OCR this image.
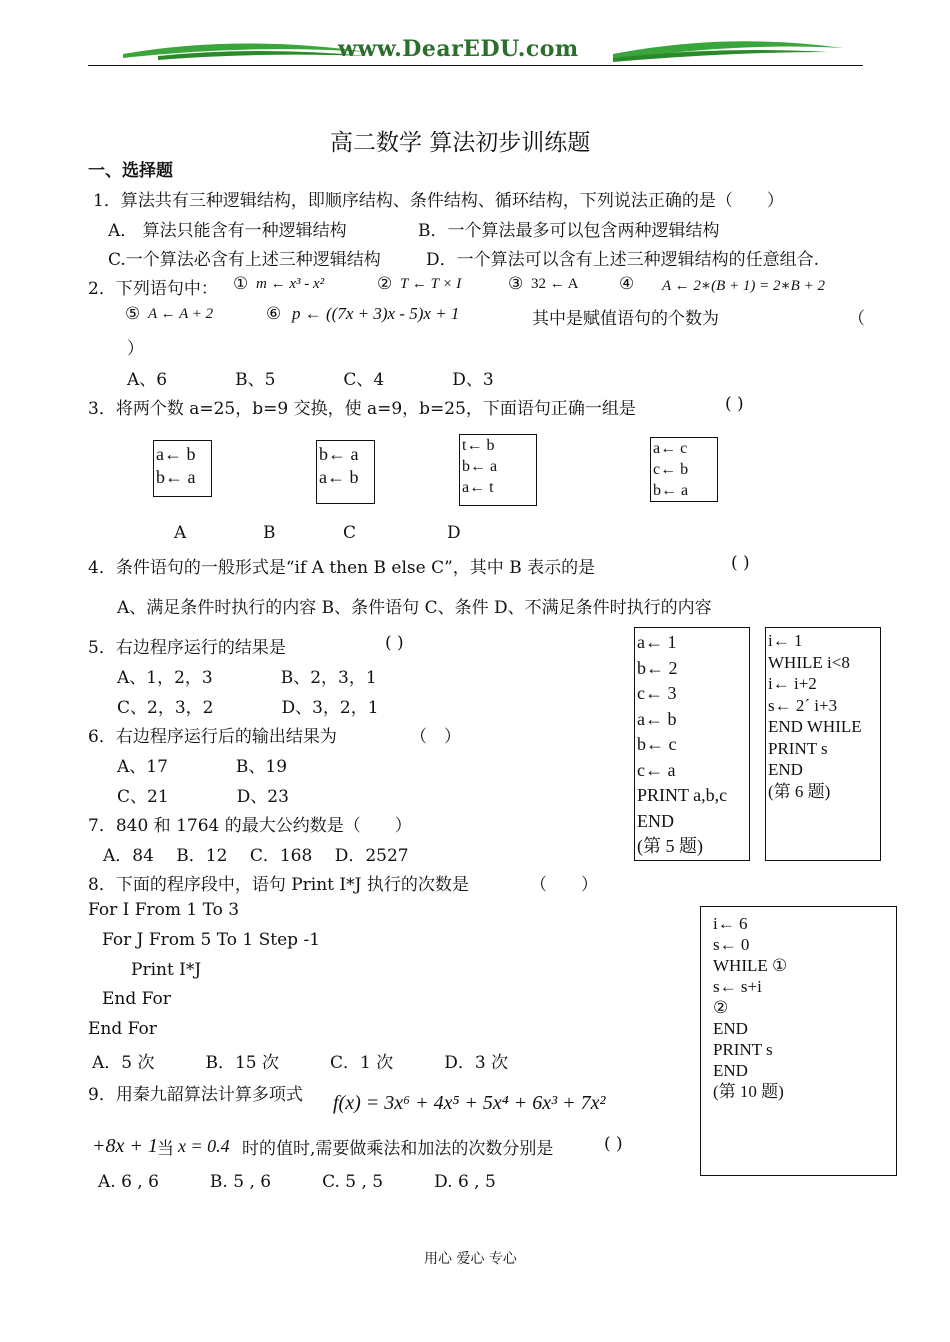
www.DearEDU.com
高二数学 算法初步训练题
一、选择题
1．算法共有三种逻辑结构，即顺序结构、条件结构、循环结构，下列说法正确的是（　　）
A． 算法只能含有一种逻辑结构	B．一个算法最多可以包含两种逻辑结构
C.一个算法必含有上述三种逻辑结构	D．一个算法可以含有上述三种逻辑结构的任意组合.
2．下列语句中： ① m ← x³ - x²	② T ← T × I	③ 32 ← A ④ A ← 2∗(B + 1) = 2∗B + 2
⑤ A ← A + 2	⑥ p ← ((7x + 3)x - 5)x + 1	其中是赋值语句的个数为	（
）
A、6　　　　B、5　　　　C、4　　　　D、3
3．将两个数 a=25，b=9 交换，使 a=9，b=25，下面语句正确一组是	( )
a← b
b← a
b← a
a← b
t← b
b← a
a← t
a← c
c← b
b← a
A	B	C	D
4．条件语句的一般形式是“if A then B else C”，其中 B 表示的是	( )
A、满足条件时执行的内容 B、条件语句 C、条件 D、不满足条件时执行的内容
5．右边程序运行的结果是	( )
A、1，2，3　　　　B、2，3，1
C、2，3，2　　　　D、3，2，1
a← 1
b← 2
c← 3
a← b
b← c
c← a
PRINT a,b,c
END
(第 5 题)
i← 1
WHILE i<8
i← i+2
s← 2´ i+3
END WHILE
PRINT s
END
(第 6 题)
6．右边程序运行后的输出结果为	（　）
A、17　　　　B、19
C、21　　　　D、23
7．840 和 1764 的最大公约数是（　　）
A．84　 B．12　 C．168　 D．2527
8．下面的程序段中，语句 Print I*J 执行的次数是	（　　）
For I From 1 To 3
For J From 5 To 1 Step -1
Print I*J
End For
End For
A．5 次　　　B．15 次　　　C．1 次　　　D．3 次
i← 6
s← 0
WHILE ①
s← s+i
②
END
PRINT s
END
(第 10 题)
9．用秦九韶算法计算多项式 f(x) = 3x⁶ + 4x⁵ + 5x⁴ + 6x³ + 7x²
+8x + 1 当 x = 0.4 时的值时,需要做乘法和加法的次数分别是	( )
A. 6 , 6　　　B. 5 , 6　　　C. 5 , 5　　　D. 6 , 5
用心 爱心 专心
